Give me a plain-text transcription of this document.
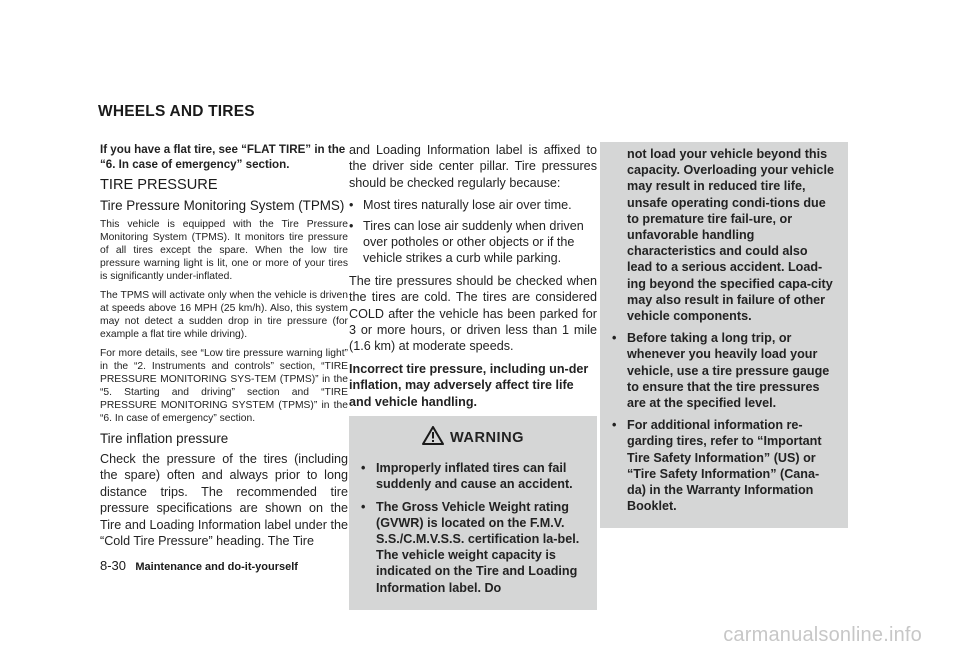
WHEELS AND TIRES

If you have a flat tire, see “FLAT TIRE” in the “6. In case of emergency” section.

TIRE PRESSURE
Tire Pressure Monitoring System (TPMS)

This vehicle is equipped with the Tire Pressure Monitoring System (TPMS). It monitors tire pressure of all tires except the spare. When the low tire pressure warning light is lit, one or more of your tires is significantly under-inflated.

The TPMS will activate only when the vehicle is driven at speeds above 16 MPH (25 km/h). Also, this system may not detect a sudden drop in tire pressure (for example a flat tire while driving).

For more details, see “Low tire pressure warning light” in the “2. Instruments and controls” section, “TIRE PRESSURE MONITORING SYS-TEM (TPMS)” in the “5. Starting and driving” section and “TIRE PRESSURE MONITORING SYSTEM (TPMS)” in the “6. In case of emergency” section.

Tire inflation pressure

Check the pressure of the tires (including the spare) often and always prior to long distance trips. The recommended tire pressure specifications are shown on the Tire and Loading Information label under the “Cold Tire Pressure” heading. The Tire

and Loading Information label is affixed to the driver side center pillar. Tire pressures should be checked regularly because:

• Most tires naturally lose air over time.
• Tires can lose air suddenly when driven over potholes or other objects or if the vehicle strikes a curb while parking.

The tire pressures should be checked when the tires are cold. The tires are considered COLD after the vehicle has been parked for 3 or more hours, or driven less than 1 mile (1.6 km) at moderate speeds.

Incorrect tire pressure, including un-der inflation, may adversely affect tire life and vehicle handling.

WARNING
• Improperly inflated tires can fail suddenly and cause an accident.
• The Gross Vehicle Weight rating (GVWR) is located on the F.M.V. S.S./C.M.V.S.S. certification la-bel. The vehicle weight capacity is indicated on the Tire and Loading Information label. Do

not load your vehicle beyond this capacity. Overloading your vehicle may result in reduced tire life, unsafe operating condi-tions due to premature tire fail-ure, or unfavorable handling characteristics and could also lead to a serious accident. Load-ing beyond the specified capa-city may also result in failure of other vehicle components.

• Before taking a long trip, or whenever you heavily load your vehicle, use a tire pressure gauge to ensure that the tire pressures are at the specified level.
• For additional information re-garding tires, refer to “Important Tire Safety Information” (US) or “Tire Safety Information” (Cana-da) in the Warranty Information Booklet.
8-30 Maintenance and do-it-yourself
carmanualsonline.info
